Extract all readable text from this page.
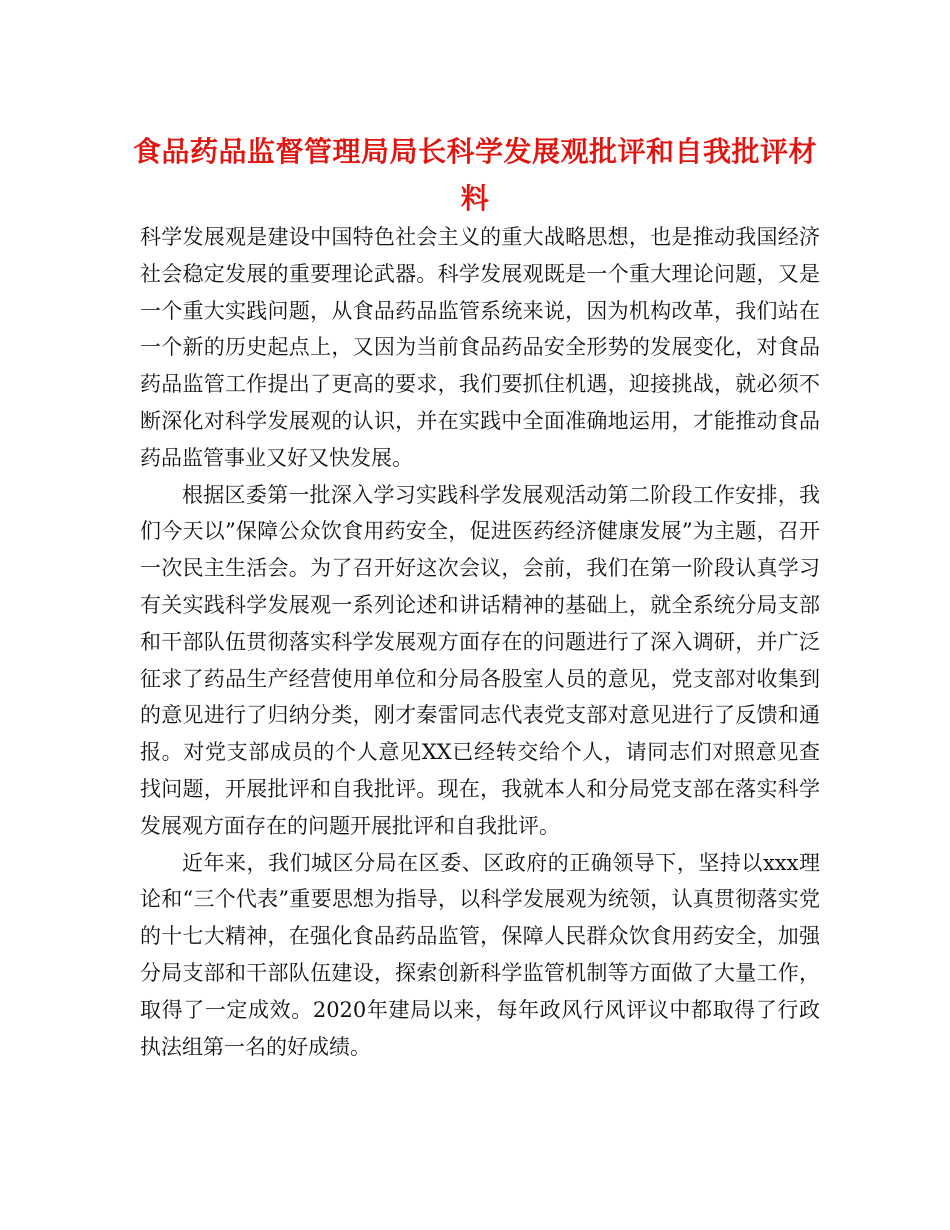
食品药品监督管理局局长科学发展观批评和自我批评材料

科学发展观是建设中国特色社会主义的重大战略思想，也是推动我国经济社会稳定发展的重要理论武器。科学发展观既是一个重大理论问题，又是一个重大实践问题，从食品药品监管系统来说，因为机构改革，我们站在一个新的历史起点上，又因为当前食品药品安全形势的发展变化，对食品药品监管工作提出了更高的要求，我们要抓住机遇，迎接挑战，就必须不断深化对科学发展观的认识，并在实践中全面准确地运用，才能推动食品药品监管事业又好又快发展。

根据区委第一批深入学习实践科学发展观活动第二阶段工作安排，我们今天以”保障公众饮食用药安全，促进医药经济健康发展”为主题，召开一次民主生活会。为了召开好这次会议，会前，我们在第一阶段认真学习有关实践科学发展观一系列论述和讲话精神的基础上，就全系统分局支部和干部队伍贯彻落实科学发展观方面存在的问题进行了深入调研，并广泛征求了药品生产经营使用单位和分局各股室人员的意见，党支部对收集到的意见进行了归纳分类，刚才秦雷同志代表党支部对意见进行了反馈和通报。对党支部成员的个人意见XX已经转交给个人，请同志们对照意见查找问题，开展批评和自我批评。现在，我就本人和分局党支部在落实科学发展观方面存在的问题开展批评和自我批评。

近年来，我们城区分局在区委、区政府的正确领导下，坚持以xxx理论和“三个代表”重要思想为指导，以科学发展观为统领，认真贯彻落实党的十七大精神，在强化食品药品监管，保障人民群众饮食用药安全，加强分局支部和干部队伍建设，探索创新科学监管机制等方面做了大量工作，取得了一定成效。2020年建局以来，每年政风行风评议中都取得了行政执法组第一名的好成绩。
